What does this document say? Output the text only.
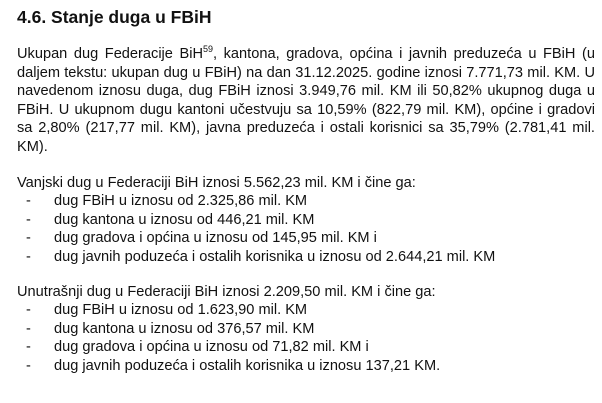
4.6. Stanje duga u FBiH

Ukupan dug Federacije BiH$^{59}$, kantona, gradova, općina i javnih preduzeća u FBiH (u daljem tekstu: ukupan dug u FBiH) na dan 31.12.2025. godine iznosi 7.771,73 mil. KM. U navedenom iznosu duga, dug FBiH iznosi 3.949,76 mil. KM ili 50,82% ukupnog duga u FBiH. U ukupnom dugu kantoni učestvuju sa 10,59% (822,79 mil. KM), općine i gradovi sa 2,80% (217,77 mil. KM), javna preduzeća i ostali korisnici sa 35,79% (2.781,41 mil. KM).

Vanjski dug u Federaciji BiH iznosi 5.562,23 mil. KM i čine ga:

-	dug FBiH u iznosu od 2.325,86 mil. KM
-	dug kantona u iznosu od 446,21 mil. KM
-	dug gradova i općina u iznosu od 145,95 mil. KM i
-	dug javnih poduzeća i ostalih korisnika u iznosu od 2.644,21 mil. KM

Unutrašnji dug u Federaciji BiH iznosi 2.209,50 mil. KM i čine ga:

-	dug FBiH u iznosu od 1.623,90 mil. KM
-	dug kantona u iznosu od 376,57 mil. KM
-	dug gradova i općina u iznosu od 71,82 mil. KM i
-	dug javnih poduzeća i ostalih korisnika u iznosu 137,21 KM.
